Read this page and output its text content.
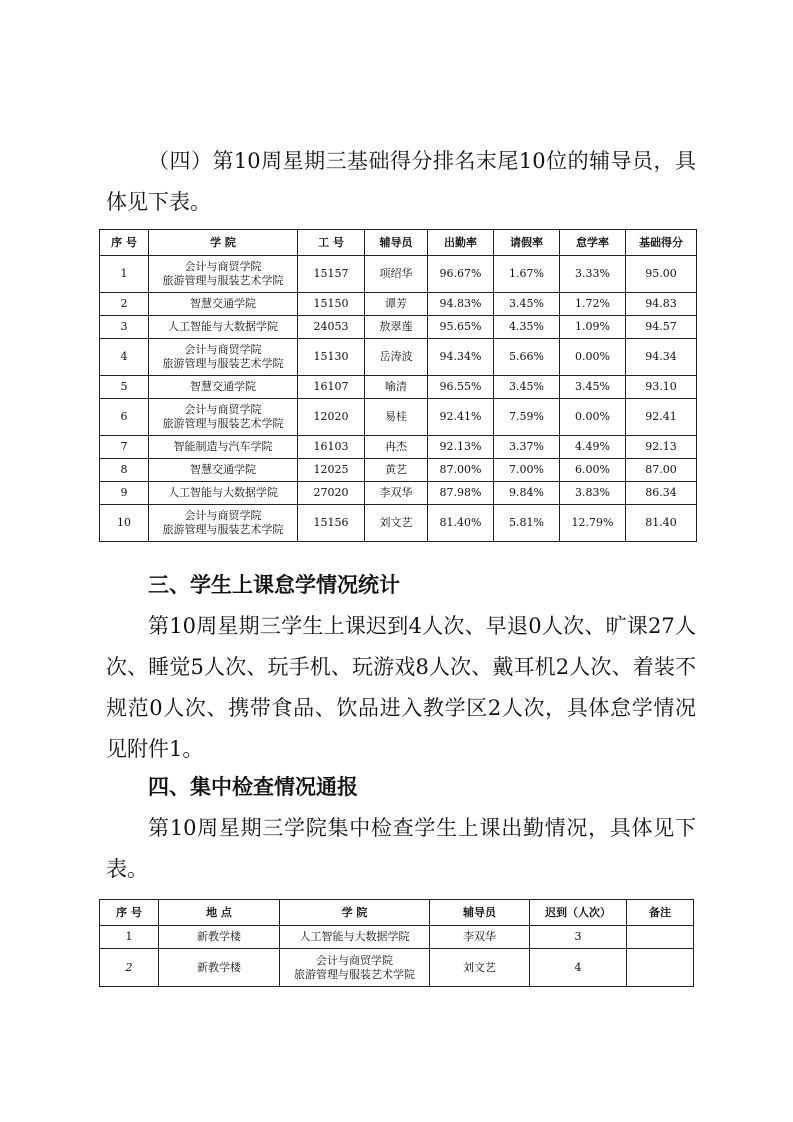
（四）第10周星期三基础得分排名末尾10位的辅导员，具体见下表。

序 号	学 院	工 号	辅导员	出勤率	请假率	怠学率	基础得分
1	会计与商贸学院
旅游管理与服装艺术学院	15157	项绍华	96.67%	1.67%	3.33%	95.00
2	智慧交通学院	15150	谭芳	94.83%	3.45%	1.72%	94.83
3	人工智能与大数据学院	24053	敖翠莲	95.65%	4.35%	1.09%	94.57
4	会计与商贸学院
旅游管理与服装艺术学院	15130	岳涛波	94.34%	5.66%	0.00%	94.34
5	智慧交通学院	16107	喻清	96.55%	3.45%	3.45%	93.10
6	会计与商贸学院
旅游管理与服装艺术学院	12020	易桂	92.41%	7.59%	0.00%	92.41
7	智能制造与汽车学院	16103	冉杰	92.13%	3.37%	4.49%	92.13
8	智慧交通学院	12025	黄艺	87.00%	7.00%	6.00%	87.00
9	人工智能与大数据学院	27020	李双华	87.98%	9.84%	3.83%	86.34
10	会计与商贸学院
旅游管理与服装艺术学院	15156	刘文艺	81.40%	5.81%	12.79%	81.40
三、学生上课怠学情况统计

第10周星期三学生上课迟到4人次、早退0人次、旷课27人次、睡觉5人次、玩手机、玩游戏8人次、戴耳机2人次、着装不规范0人次、携带食品、饮品进入教学区2人次，具体怠学情况见附件1。

四、集中检查情况通报

第10周星期三学院集中检查学生上课出勤情况，具体见下表。

序 号	地 点	学 院	辅导员	迟到（人次）	备注
1	新教学楼	人工智能与大数据学院	李双华	3	
2	新教学楼	会计与商贸学院
旅游管理与服装艺术学院	刘文艺	4	
